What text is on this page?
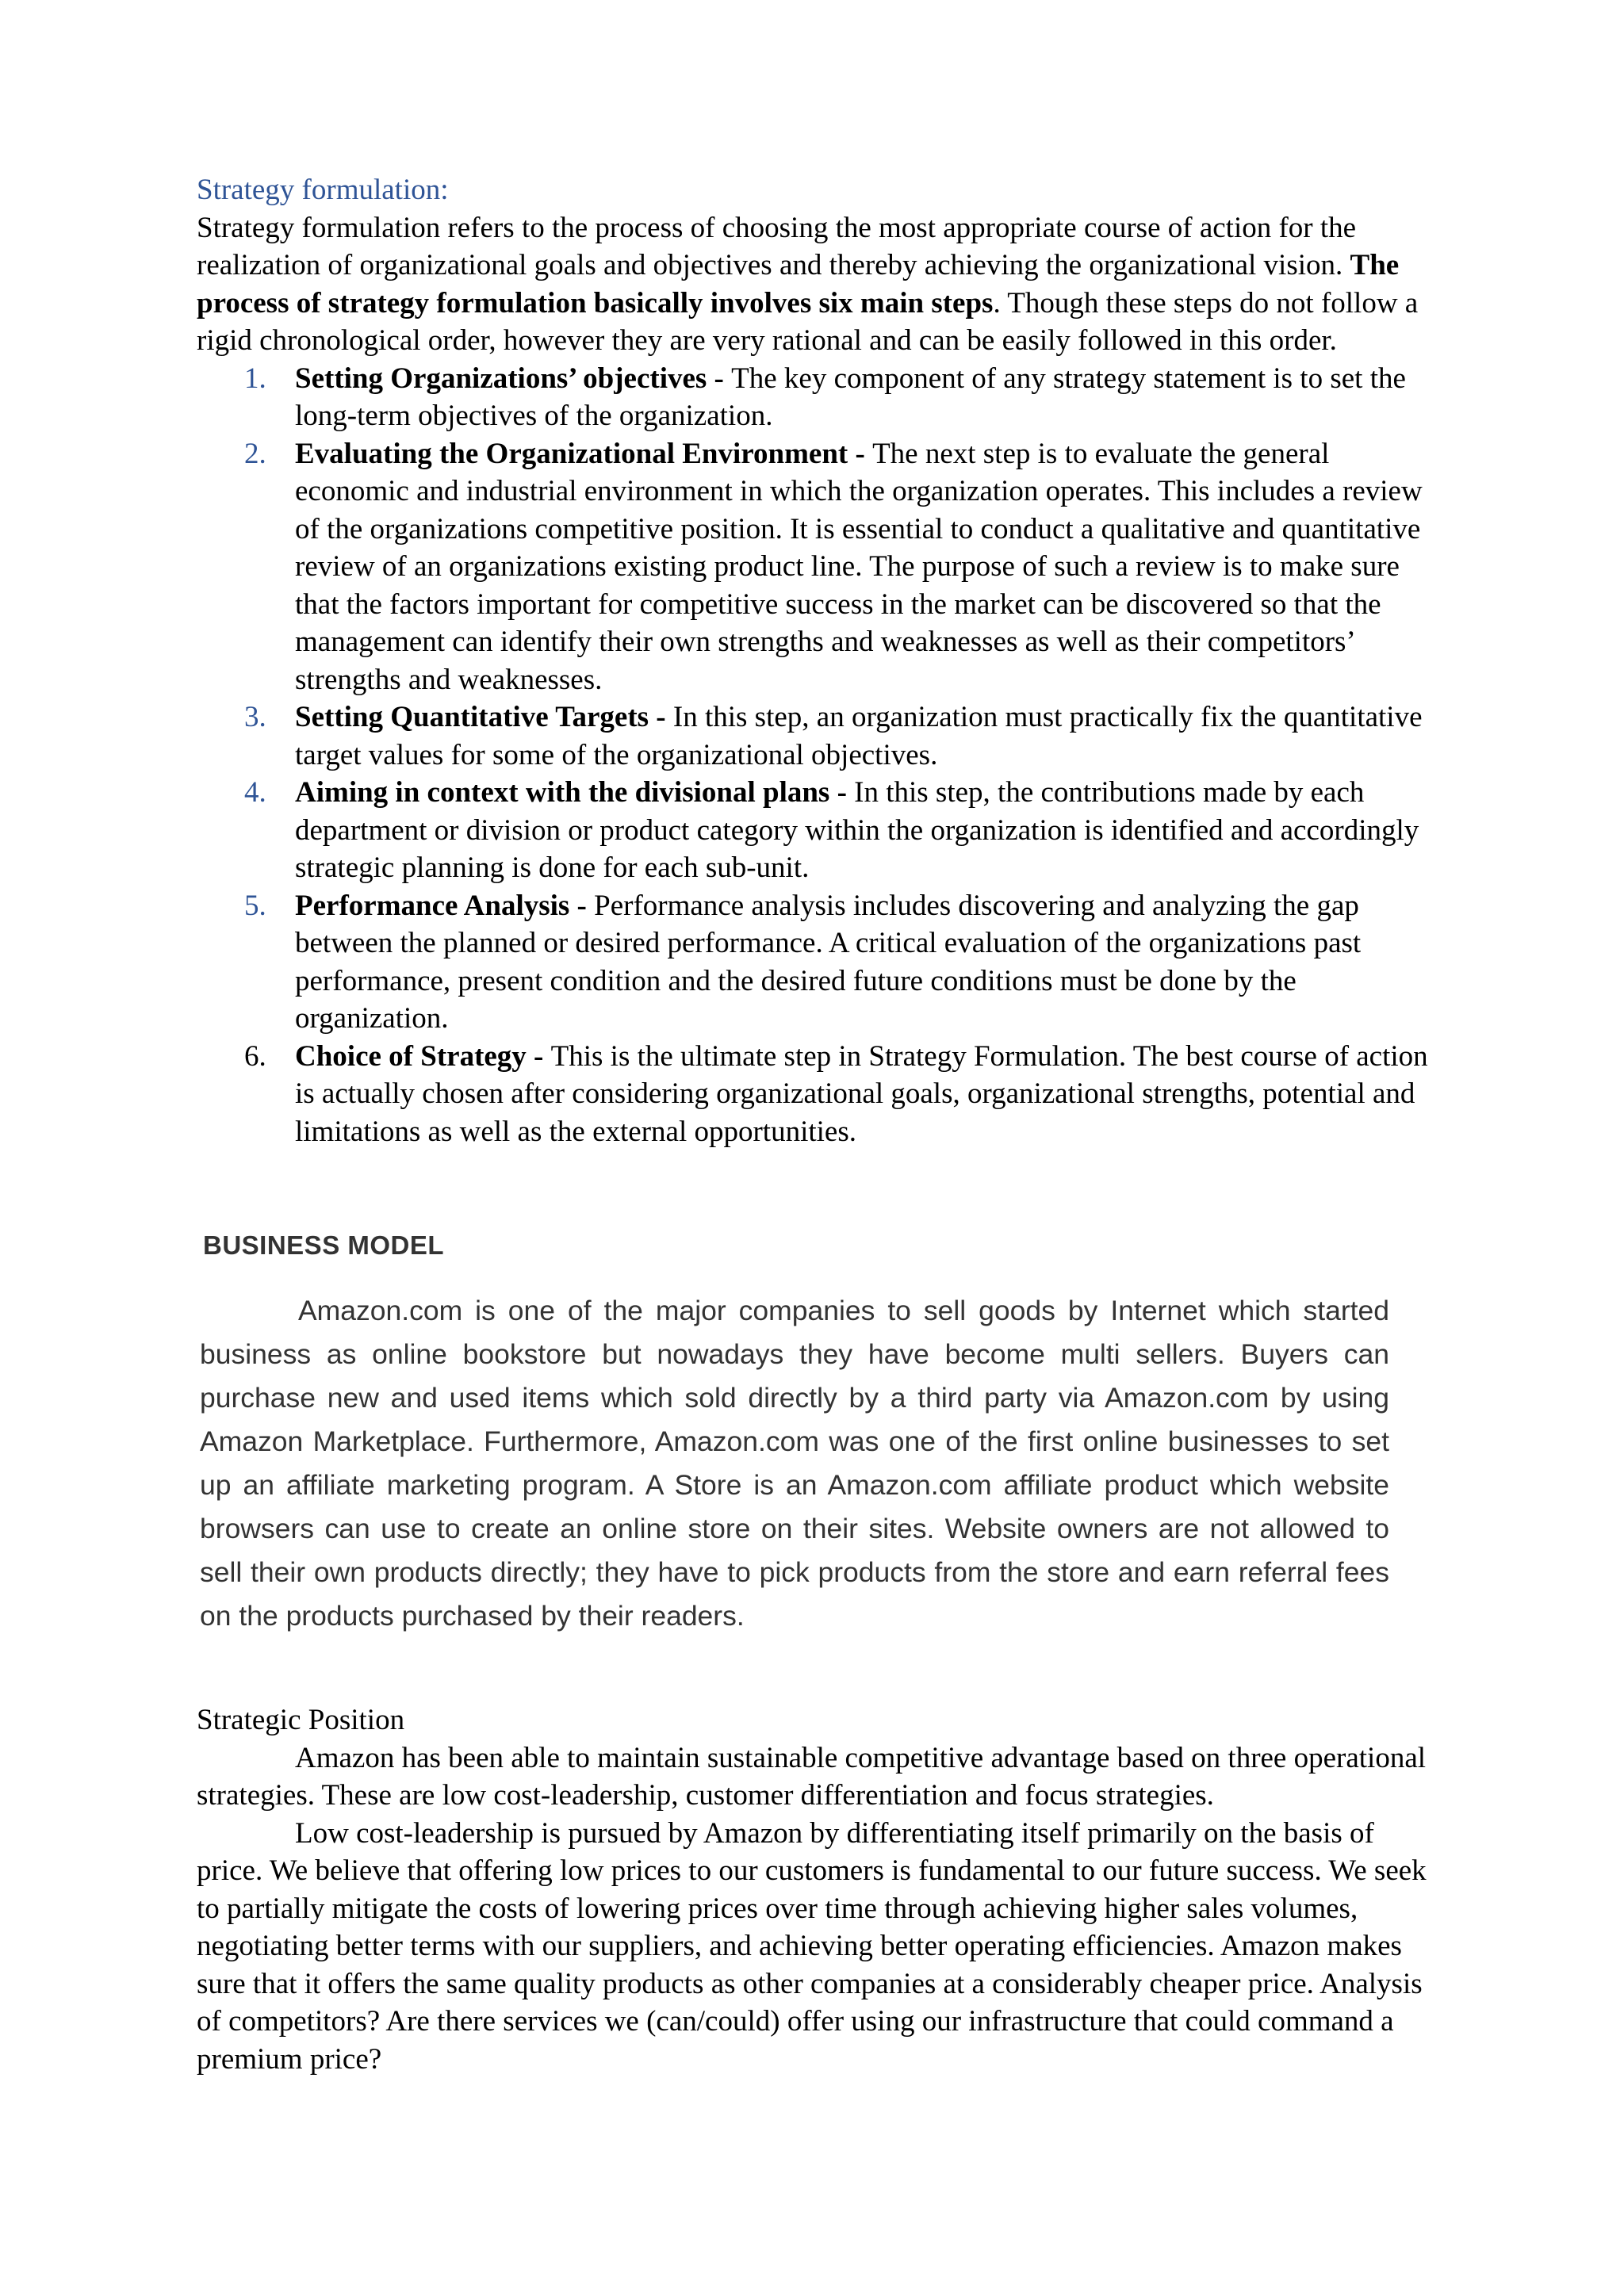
Strategy formulation:

Strategy formulation refers to the process of choosing the most appropriate course of action for the realization of organizational goals and objectives and thereby achieving the organizational vision. The process of strategy formulation basically involves six main steps. Though these steps do not follow a rigid chronological order, however they are very rational and can be easily followed in this order.

1. Setting Organizations’ objectives - The key component of any strategy statement is to set the long-term objectives of the organization.
2. Evaluating the Organizational Environment - The next step is to evaluate the general economic and industrial environment in which the organization operates. This includes a review of the organizations competitive position. It is essential to conduct a qualitative and quantitative review of an organizations existing product line. The purpose of such a review is to make sure that the factors important for competitive success in the market can be discovered so that the management can identify their own strengths and weaknesses as well as their competitors’ strengths and weaknesses.
3. Setting Quantitative Targets - In this step, an organization must practically fix the quantitative target values for some of the organizational objectives.
4. Aiming in context with the divisional plans - In this step, the contributions made by each department or division or product category within the organization is identified and accordingly strategic planning is done for each sub-unit.
5. Performance Analysis - Performance analysis includes discovering and analyzing the gap between the planned or desired performance. A critical evaluation of the organizations past performance, present condition and the desired future conditions must be done by the organization.
6. Choice of Strategy - This is the ultimate step in Strategy Formulation. The best course of action is actually chosen after considering organizational goals, organizational strengths, potential and limitations as well as the external opportunities.

BUSINESS MODEL

Amazon.com is one of the major companies to sell goods by Internet which started business as online bookstore but nowadays they have become multi sellers. Buyers can purchase new and used items which sold directly by a third party via Amazon.com by using Amazon Marketplace. Furthermore, Amazon.com was one of the first online businesses to set up an affiliate marketing program. A Store is an Amazon.com affiliate product which website browsers can use to create an online store on their sites. Website owners are not allowed to sell their own products directly; they have to pick products from the store and earn referral fees on the products purchased by their readers.

Strategic Position

Amazon has been able to maintain sustainable competitive advantage based on three operational strategies. These are low cost-leadership, customer differentiation and focus strategies.

Low cost-leadership is pursued by Amazon by differentiating itself primarily on the basis of price. We believe that offering low prices to our customers is fundamental to our future success. We seek to partially mitigate the costs of lowering prices over time through achieving higher sales volumes, negotiating better terms with our suppliers, and achieving better operating efficiencies. Amazon makes sure that it offers the same quality products as other companies at a considerably cheaper price. Analysis of competitors? Are there services we (can/could) offer using our infrastructure that could command a premium price?
